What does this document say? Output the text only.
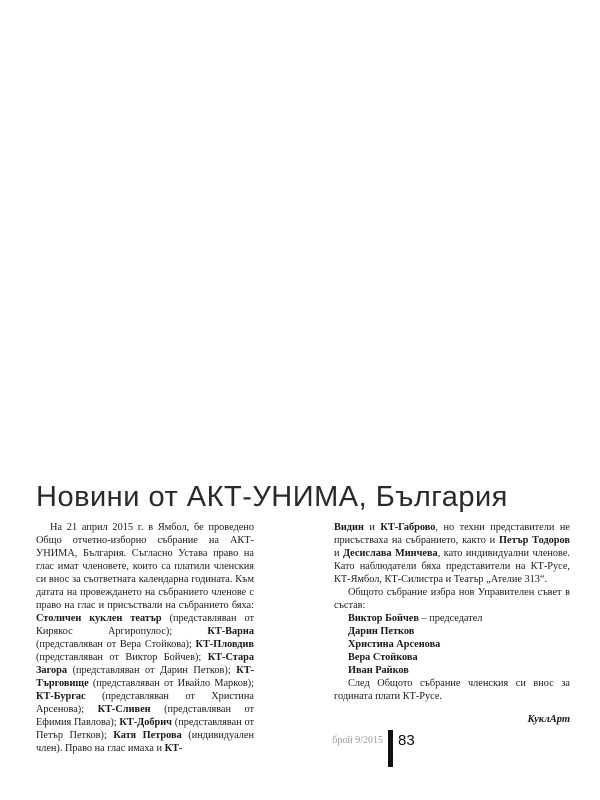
Новини от АКТ-УНИМА, България

На 21 април 2015 г. в Ямбол, бе проведено Общо отчетно-изборно събрание на АКТ-УНИМА, България. Съгласно Устава право на глас имат членовете, които са платили членския си внос за съответната календарна годината. Към датата на провеждането на събранието членове с право на глас и присъствали на събранието бяха: Столичен куклен театър (представляван от Кирякос Аргиропулос); КТ-Варна (представляван от Вера Стойкова); КТ-Пловдив (представляван от Виктор Бойчев); КТ-Стара Загора (представляван от Дарин Петков); КТ-Търговище (представляван от Ивайло Марков); КТ-Бургас (представляван от Христина Арсенова); КТ-Сливен (представляван от Ефимия Павлова); КТ-Добрич (представляван от Петър Петков); Катя Петрова (индивидуален член). Право на глас имаха и КТ-

Видин и КТ-Габрово, но техни представители не присъстваха на събранието, както и Петър Тодоров и Десислава Минчева, като индивидуални членове. Като наблюдатели бяха представители на КТ-Русе, КТ-Ямбол, КТ-Силистра и Театър „Ателие 313“.

Общото събрание избра нов Управителен съвет в състав:

Виктор Бойчев – председател
Дарин Петков
Христина Арсенова
Вера Стойкова
Иван Райков

След Общото събрание членския си внос за годината плати КТ-Русе.

КуклАрт
брой 9/2015 83
